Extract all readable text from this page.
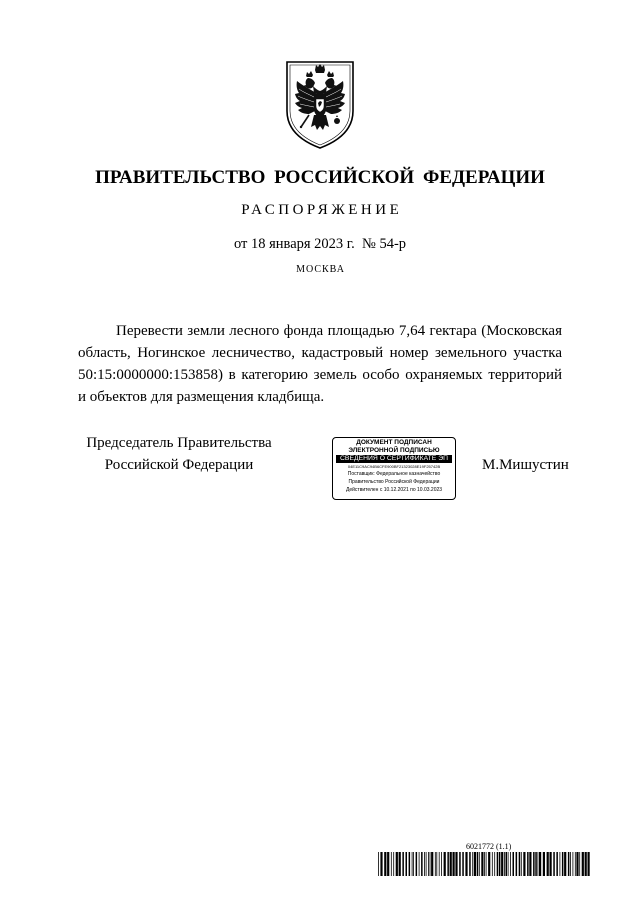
ПРАВИТЕЛЬСТВО РОССИЙСКОЙ ФЕДЕРАЦИИ
РАСПОРЯЖЕНИЕ
от 18 января 2023 г.  № 54-р
МОСКВА
Перевести земли лесного фонда площадью 7,64 гектара (Московская
область, Ногинское лесничество, кадастровый номер земельного участка
50:15:0000000:153858) в категорию земель особо охраняемых территорий
и объектов для размещения кладбища.
Председатель Правительства
Российской Федерации
ДОКУМЕНТ ПОДПИСАН
ЭЛЕКТРОННОЙ ПОДПИСЬЮ
СВЕДЕНИЯ О СЕРТИФИКАТЕ ЭП
04E11C9AC94B6CFE900BF21323028E19F25742B
Поставщик: Федеральное казначейство
Правительство Российской Федерации
Действителен с 10.12.2021 по 10.03.2023
М.Мишустин
6021772 (1.1)
